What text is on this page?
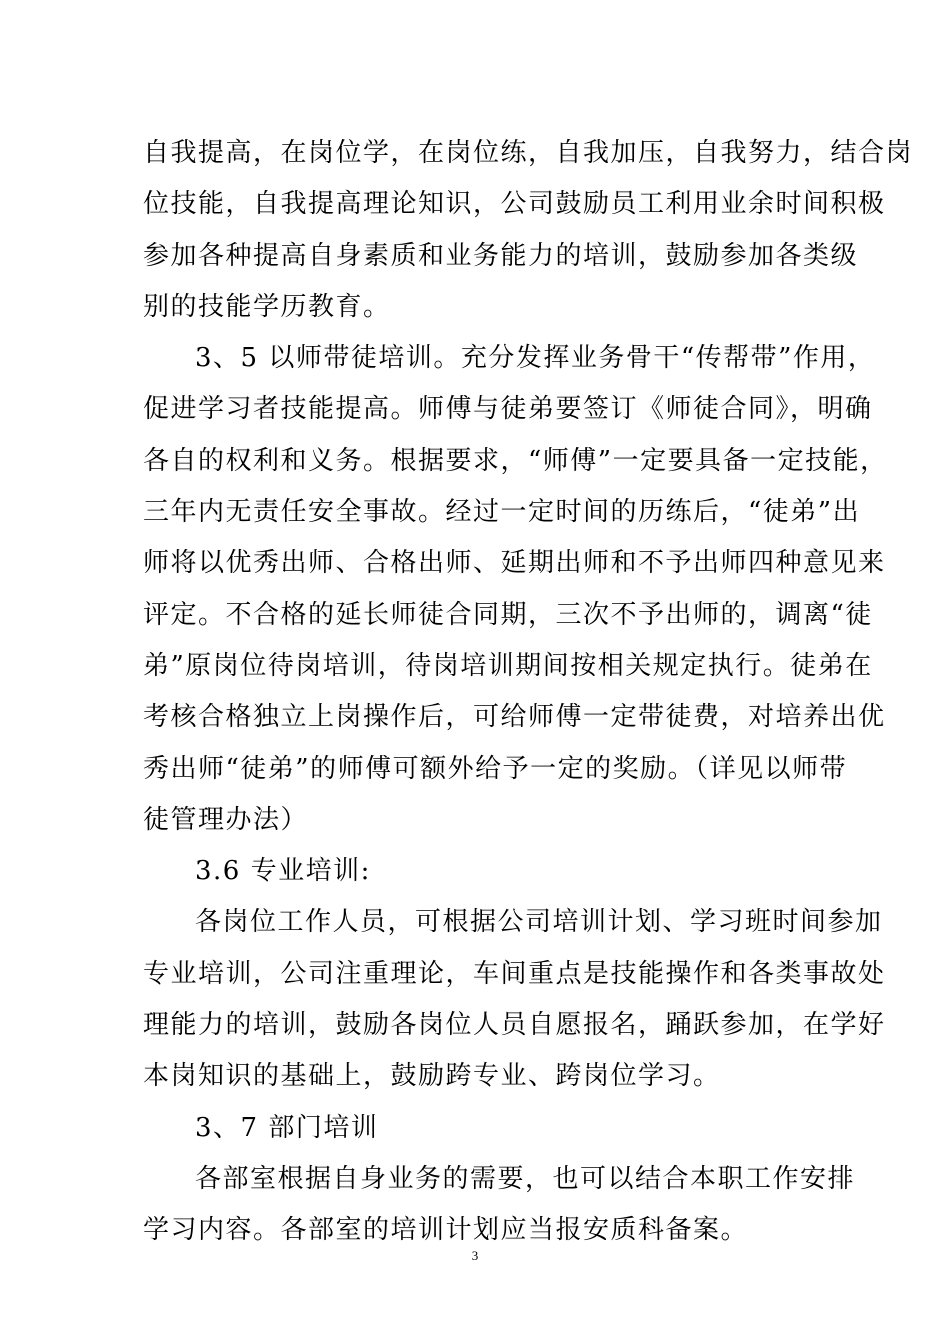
自我提高，在岗位学，在岗位练，自我加压，自我努力，结合岗
位技能，自我提高理论知识，公司鼓励员工利用业余时间积极
参加各种提高自身素质和业务能力的培训，鼓励参加各类级
别的技能学历教育。
3、5 以师带徒培训。充分发挥业务骨干“传帮带”作用，
促进学习者技能提高。师傅与徒弟要签订《师徒合同》，明确
各自的权利和义务。根据要求，“师傅”一定要具备一定技能，
三年内无责任安全事故。经过一定时间的历练后，“徒弟”出
师将以优秀出师、合格出师、延期出师和不予出师四种意见来
评定。不合格的延长师徒合同期，三次不予出师的，调离“徒
弟”原岗位待岗培训，待岗培训期间按相关规定执行。徒弟在
考核合格独立上岗操作后，可给师傅一定带徒费，对培养出优
秀出师“徒弟”的师傅可额外给予一定的奖励。（详见以师带
徒管理办法）
3.6 专业培训:
各岗位工作人员，可根据公司培训计划、学习班时间参加
专业培训，公司注重理论，车间重点是技能操作和各类事故处
理能力的培训，鼓励各岗位人员自愿报名，踊跃参加，在学好
本岗知识的基础上，鼓励跨专业、跨岗位学习。
3、7 部门培训
各部室根据自身业务的需要，也可以结合本职工作安排
学习内容。各部室的培训计划应当报安质科备案。
3
